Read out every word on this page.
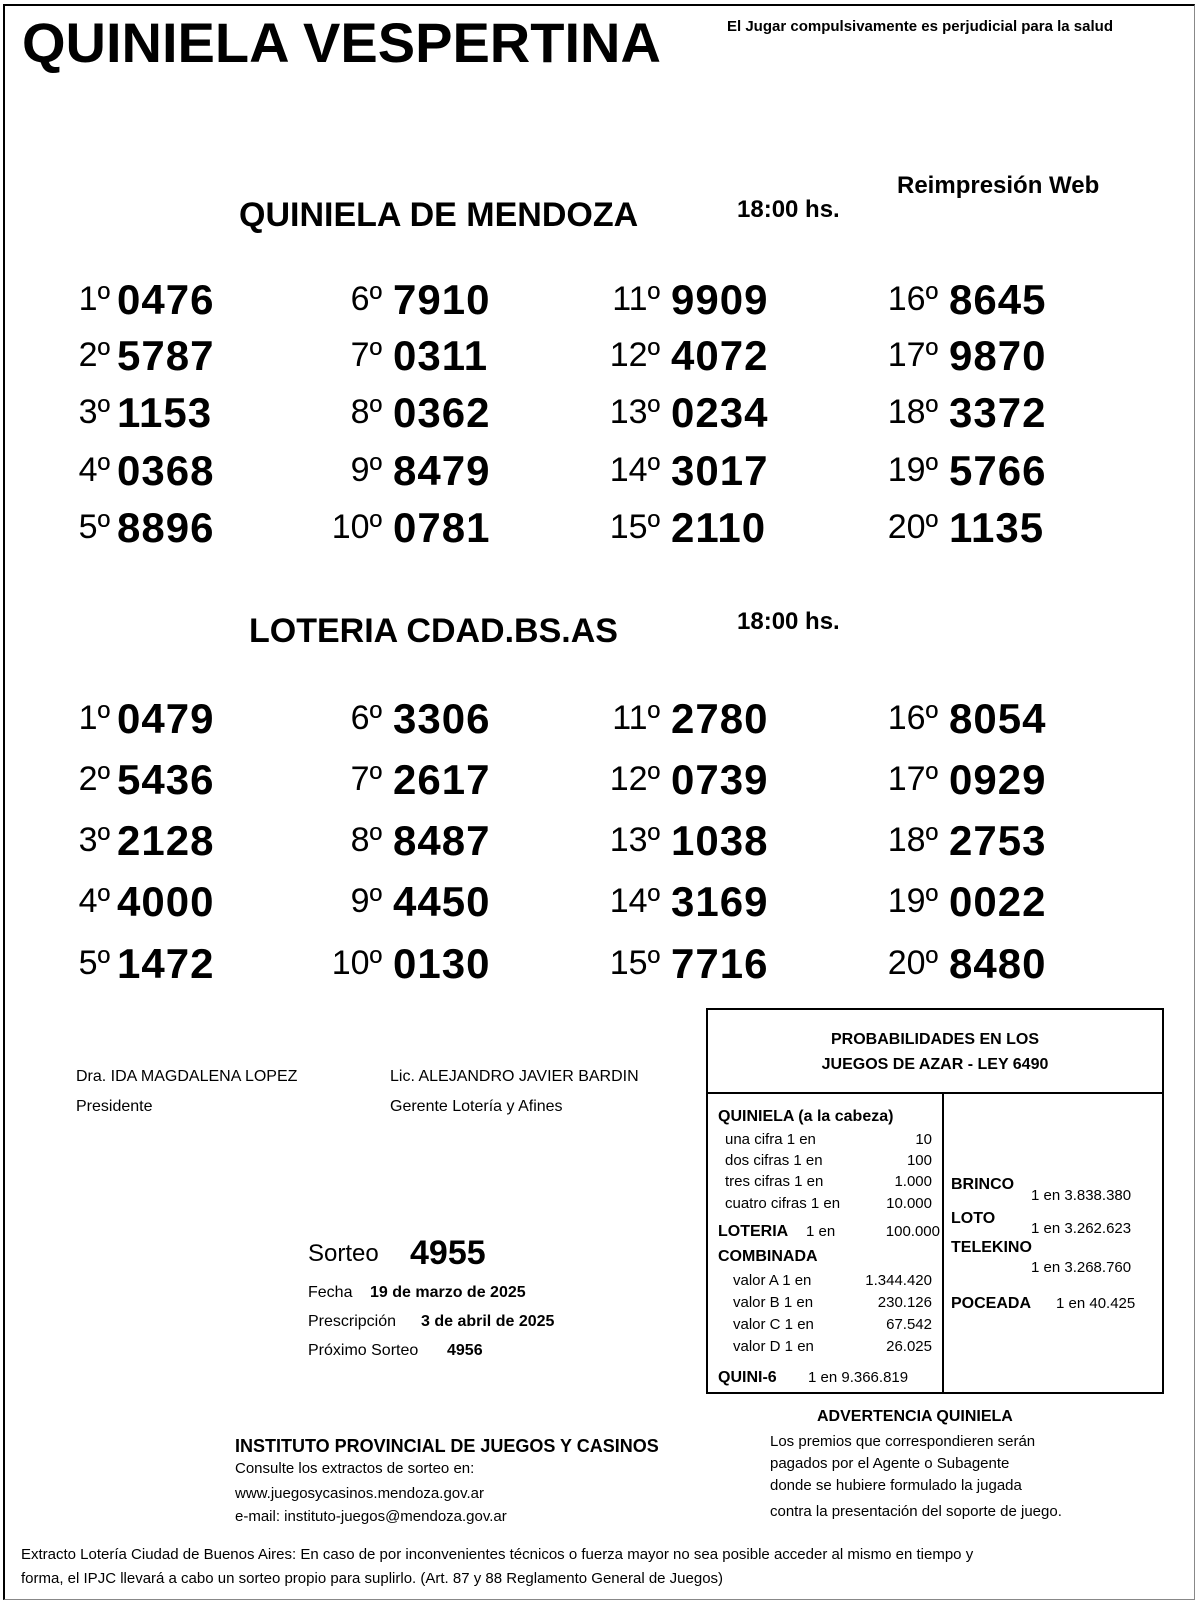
QUINIELA VESPERTINA	El Jugar compulsivamente es perjudicial para la salud
Reimpresión Web
QUINIELA DE MENDOZA	18:00 hs.
1º 0476
2º 5787
3º 1153
4º 0368
5º 8896
6º 7910
7º 0311
8º 0362
9º 8479
10º 0781
11º 9909
12º 4072
13º 0234
14º 3017
15º 2110
16º 8645
17º 9870
18º 3372
19º 5766
20º 1135
LOTERIA CDAD.BS.AS	18:00 hs.
1º 0479
2º 5436
3º 2128
4º 4000
5º 1472
6º 3306
7º 2617
8º 8487
9º 4450
10º 0130
11º 2780
12º 0739
13º 1038
14º 3169
15º 7716
16º 8054
17º 0929
18º 2753
19º 0022
20º 8480
Dra. IDA MAGDALENA LOPEZ
Presidente
Lic. ALEJANDRO JAVIER BARDIN
Gerente Lotería y Afines
Sorteo 4955
Fecha 19 de marzo de 2025
Prescripción 3 de abril de 2025
Próximo Sorteo 4956
PROBABILIDADES EN LOS
JUEGOS DE AZAR - LEY 6490
QUINIELA (a la cabeza)
una cifra 1 en	10
dos cifras 1 en	100
tres cifras 1 en	1.000
cuatro cifras 1 en	10.000
LOTERIA 1 en	100.000
COMBINADA
valor A 1 en	1.344.420
valor B 1 en	230.126
valor C 1 en	67.542
valor D 1 en	26.025
QUINI-6 1 en 9.366.819
BRINCO
1 en 3.838.380
LOTO
1 en 3.262.623
TELEKINO
1 en 3.268.760
POCEADA 1 en 40.425
ADVERTENCIA QUINIELA
Los premios que correspondieren serán
pagados por el Agente o Subagente
donde se hubiere formulado la jugada
contra la presentación del soporte de juego.
INSTITUTO PROVINCIAL DE JUEGOS Y CASINOS
Consulte los extractos de sorteo en:
www.juegosycasinos.mendoza.gov.ar
e-mail: instituto-juegos@mendoza.gov.ar
Extracto Lotería Ciudad de Buenos Aires: En caso de por inconvenientes técnicos o fuerza mayor no sea posible acceder al mismo en tiempo y
forma, el IPJC llevará a cabo un sorteo propio para suplirlo. (Art. 87 y 88 Reglamento General de Juegos)
